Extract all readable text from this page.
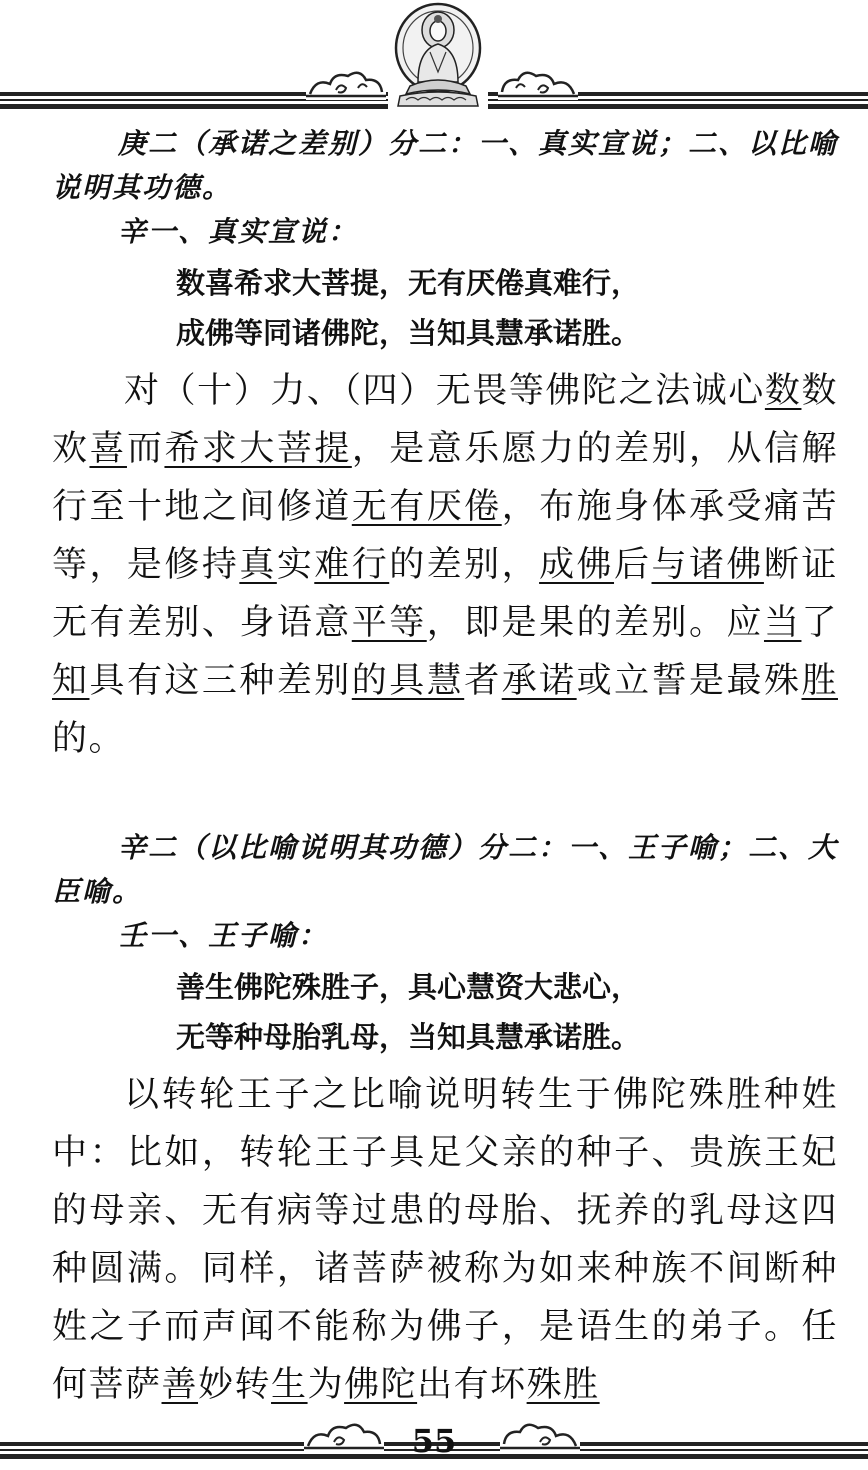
庚二（承诺之差别）分二：一、真实宣说；二、以比喻说明其功德。

辛一、真实宣说：

数喜希求大菩提，无有厌倦真难行，

成佛等同诸佛陀，当知具慧承诺胜。

对（十）力、（四）无畏等佛陀之法诚心数数欢喜而希求大菩提，是意乐愿力的差别，从信解行至十地之间修道无有厌倦，布施身体承受痛苦等，是修持真实难行的差别，成佛后与诸佛断证无有差别、身语意平等，即是果的差别。应当了知具有这三种差别的具慧者承诺或立誓是最殊胜的。

辛二（以比喻说明其功德）分二：一、王子喻；二、大臣喻。

壬一、王子喻：

善生佛陀殊胜子，具心慧资大悲心，

无等种母胎乳母，当知具慧承诺胜。

以转轮王子之比喻说明转生于佛陀殊胜种姓中：比如，转轮王子具足父亲的种子、贵族王妃的母亲、无有病等过患的母胎、抚养的乳母这四种圆满。同样，诸菩萨被称为如来种族不间断种姓之子而声闻不能称为佛子，是语生的弟子。任何菩萨善妙转生为佛陀出有坏殊胜

55
